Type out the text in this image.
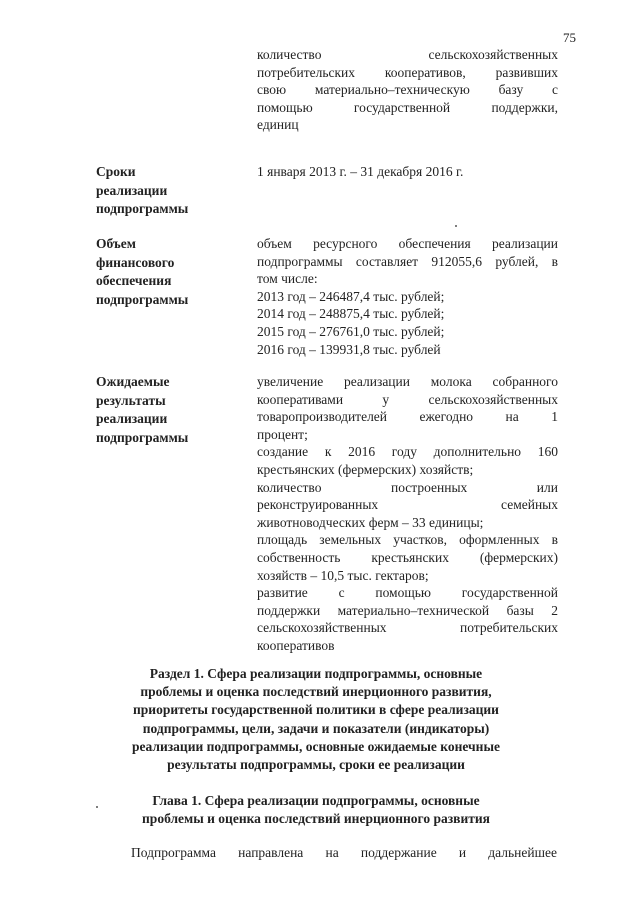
75
количество сельскохозяйственных
потребительских кооперативов, развивших
свою материально–техническую базу с
помощью государственной поддержки,
единиц
Сроки
реализации
подпрограммы
1 января 2013 г. – 31 декабря 2016 г.
Объем
финансового
обеспечения
подпрограммы
объем ресурсного обеспечения реализации
подпрограммы составляет 912055,6 рублей, в
том числе:
2013 год – 246487,4 тыс. рублей;
2014 год – 248875,4 тыс. рублей;
2015 год – 276761,0 тыс. рублей;
2016 год – 139931,8 тыс. рублей
Ожидаемые
результаты
реализации
подпрограммы
увеличение реализации молока собранного
кооперативами у сельскохозяйственных
товаропроизводителей ежегодно на 1
процент;
создание к 2016 году дополнительно 160
крестьянских (фермерских) хозяйств;
количество построенных или
реконструированных семейных
животноводческих ферм – 33 единицы;
площадь земельных участков, оформленных в
собственность крестьянских (фермерских)
хозяйств – 10,5 тыс. гектаров;
развитие с помощью государственной
поддержки материально–технической базы 2
сельскохозяйственных потребительских
кооперативов
Раздел 1. Сфера реализации подпрограммы, основные
проблемы и оценка последствий инерционного развития,
приоритеты государственной политики в сфере реализации
подпрограммы, цели, задачи и показатели (индикаторы)
реализации подпрограммы, основные ожидаемые конечные
результаты подпрограммы, сроки ее реализации
Глава 1. Сфера реализации подпрограммы, основные
проблемы и оценка последствий инерционного развития
Подпрограмма направлена на поддержание и дальнейшее
